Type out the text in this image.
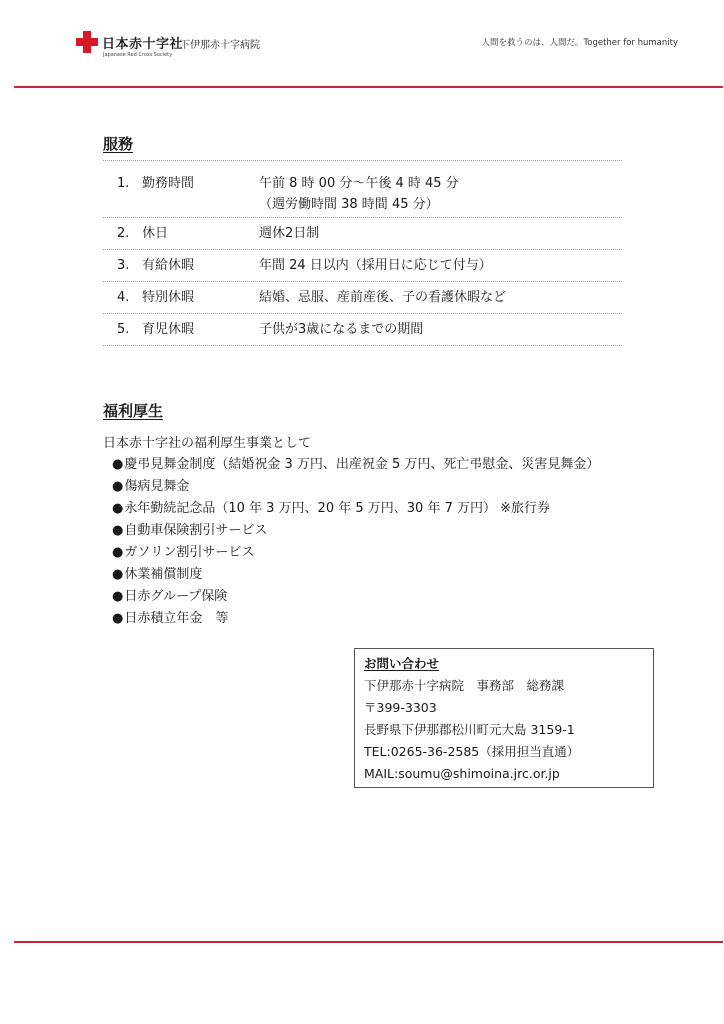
日本赤十字社
Japanese Red Cross Society
下伊那赤十字病院	人間を救うのは、人間だ。Together for humanity
服務
1. 勤務時間	午前 8 時 00 分～午後 4 時 45 分
（週労働時間 38 時間 45 分）
2. 休日	週休2日制
3. 有給休暇	年間 24 日以内（採用日に応じて付与）
4. 特別休暇	結婚、忌服、産前産後、子の看護休暇など
5. 育児休暇	子供が3歳になるまでの期間
福利厚生
日本赤十字社の福利厚生事業として
●慶弔見舞金制度（結婚祝金 3 万円、出産祝金 5 万円、死亡弔慰金、災害見舞金）
●傷病見舞金
●永年勤続記念品（10 年 3 万円、20 年 5 万円、30 年 7 万円） ※旅行券
●自動車保険割引サービス
●ガソリン割引サービス
●休業補償制度
●日赤グループ保険
●日赤積立年金　等
お問い合わせ
下伊那赤十字病院　事務部　総務課
〒399-3303
長野県下伊那郡松川町元大島 3159-1
TEL:0265-36-2585（採用担当直通）
MAIL:soumu@shimoina.jrc.or.jp
